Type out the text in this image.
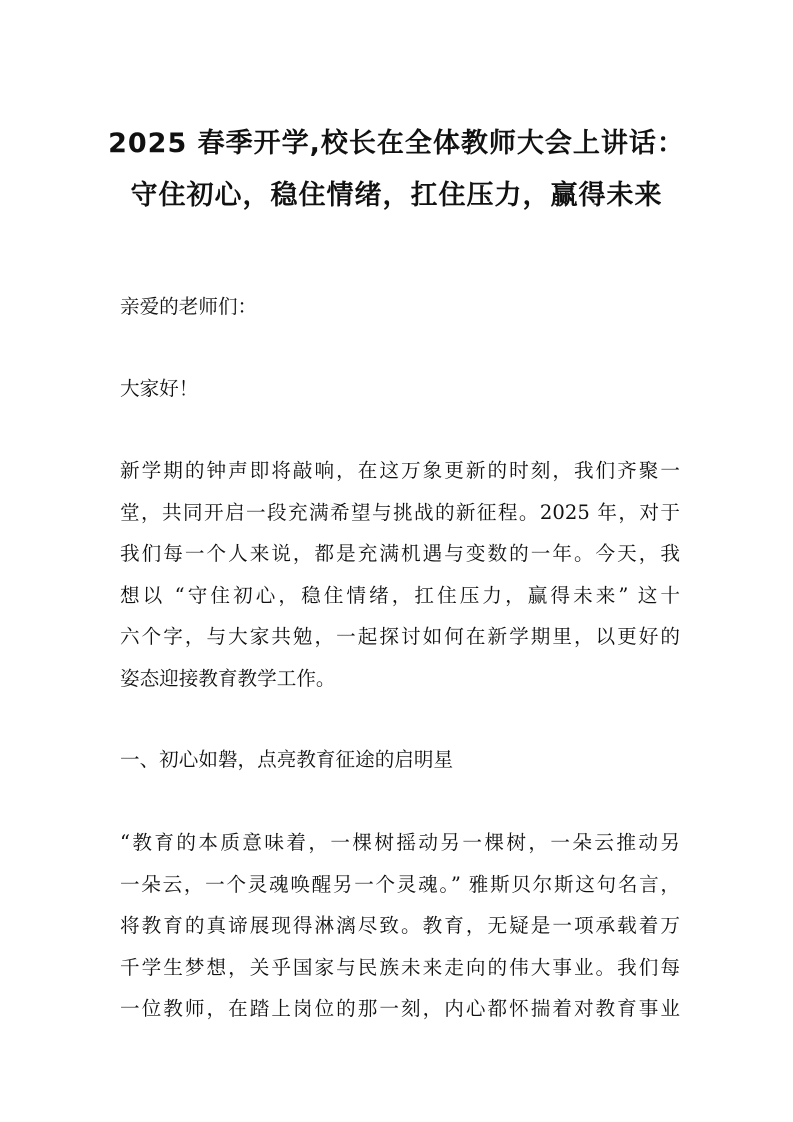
2025 春季开学,校长在全体教师大会上讲话：
守住初心，稳住情绪，扛住压力，赢得未来
亲爱的老师们：
大家好！
新学期的钟声即将敲响，在这万象更新的时刻，我们齐聚一
堂，共同开启一段充满希望与挑战的新征程。2025 年，对于
我们每一个人来说，都是充满机遇与变数的一年。今天，我
想以 “守住初心，稳住情绪，扛住压力，赢得未来” 这十
六个字，与大家共勉，一起探讨如何在新学期里，以更好的
姿态迎接教育教学工作。
一、初心如磐，点亮教育征途的启明星
“教育的本质意味着，一棵树摇动另一棵树，一朵云推动另
一朵云，一个灵魂唤醒另一个灵魂。” 雅斯贝尔斯这句名言，
将教育的真谛展现得淋漓尽致。教育，无疑是一项承载着万
千学生梦想，关乎国家与民族未来走向的伟大事业。我们每
一位教师，在踏上岗位的那一刻，内心都怀揣着对教育事业
